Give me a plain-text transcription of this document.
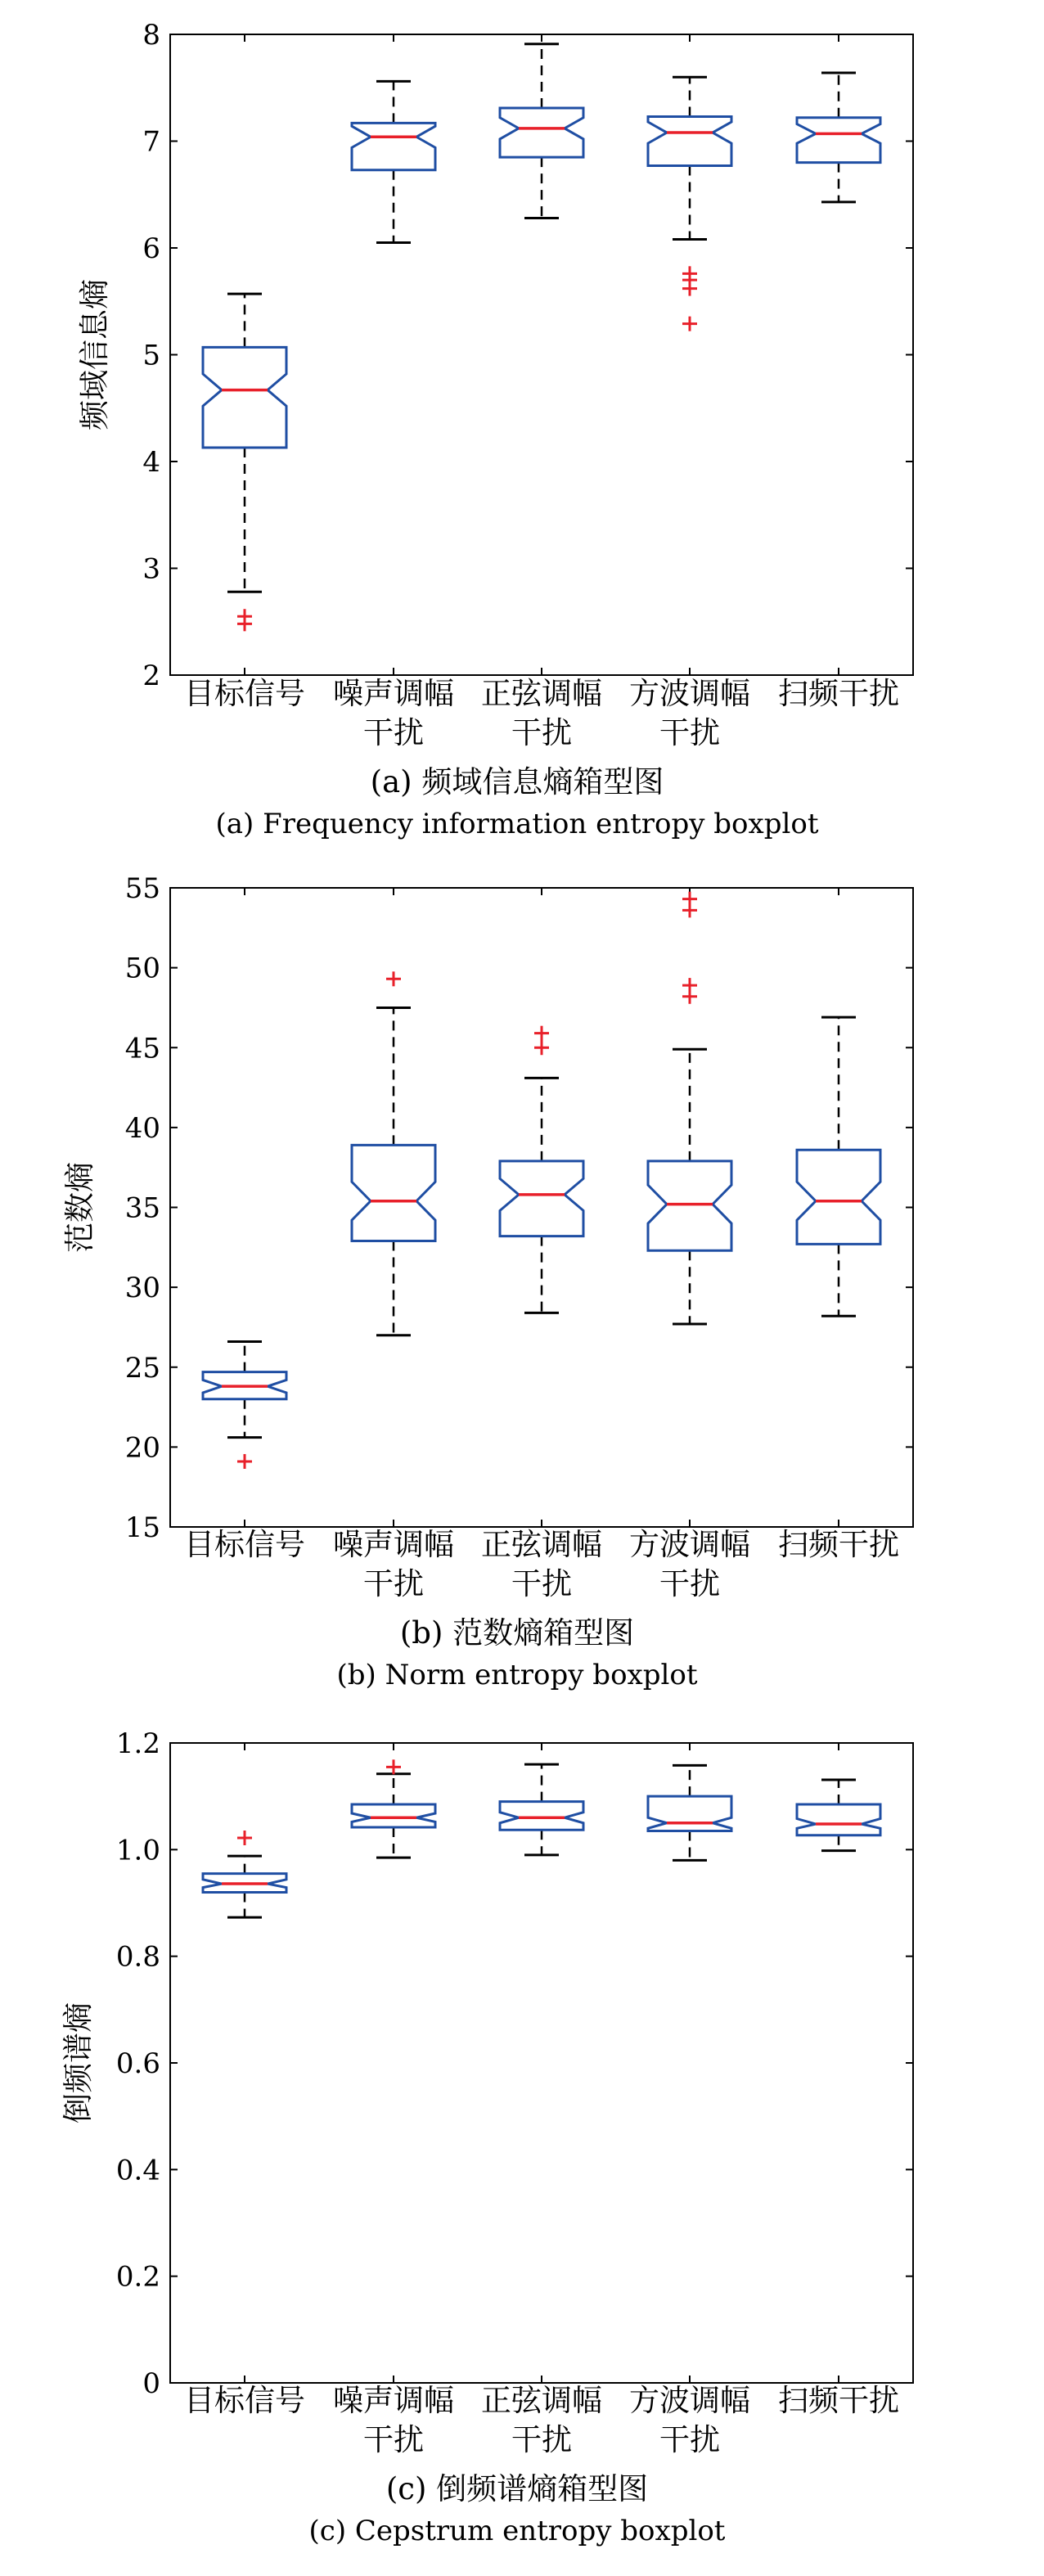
2
3
4
5
6
7
8
频域信息熵
目标信号 噪声调幅
干扰
正弦调幅
干扰
方波调幅
干扰
扫频干扰
(a) 频域信息熵箱型图
(a) Frequency information entropy boxplot
15
20
25
30
35
40
45
50
55
范数熵
目标信号 噪声调幅
干扰
正弦调幅
干扰
方波调幅
干扰
扫频干扰
(b) 范数熵箱型图
(b) Norm entropy boxplot
0
0.2
0.4
0.6
0.8
1.0
1.2
倒频谱熵
目标信号 噪声调幅
干扰
正弦调幅
干扰
方波调幅
干扰
扫频干扰
(c) 倒频谱熵箱型图
(c) Cepstrum entropy boxplot
